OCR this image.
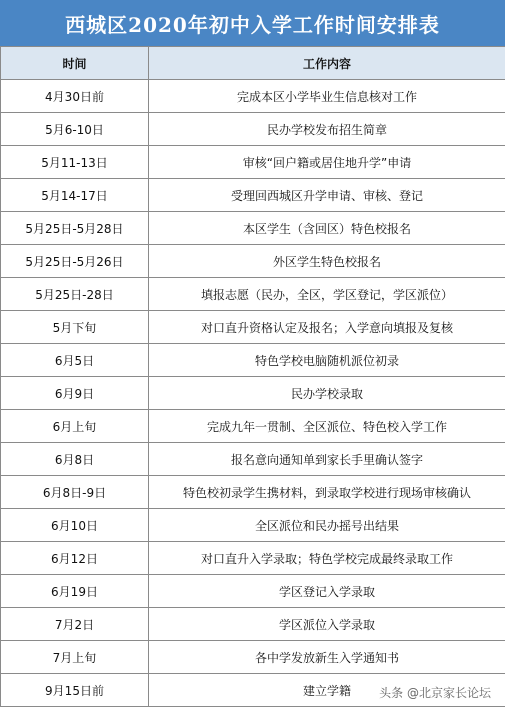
西城区2020年初中入学工作时间安排表
时间	工作内容
4月30日前	完成本区小学毕业生信息核对工作
5月6-10日	民办学校发布招生简章
5月11-13日	审核“回户籍或居住地升学”申请
5月14-17日	受理回西城区升学申请、审核、登记
5月25日-5月28日	本区学生（含回区）特色校报名
5月25日-5月26日	外区学生特色校报名
5月25日-28日	填报志愿（民办，全区，学区登记，学区派位）
5月下旬	对口直升资格认定及报名；入学意向填报及复核
6月5日	特色学校电脑随机派位初录
6月9日	民办学校录取
6月上旬	完成九年一贯制、全区派位、特色校入学工作
6月8日	报名意向通知单到家长手里确认签字
6月8日-9日	特色校初录学生携材料，到录取学校进行现场审核确认
6月10日	全区派位和民办摇号出结果
6月12日	对口直升入学录取；特色学校完成最终录取工作
6月19日	学区登记入学录取
7月2日	学区派位入学录取
7月上旬	各中学发放新生入学通知书
9月15日前	建立学籍 头条 @北京家长论坛
